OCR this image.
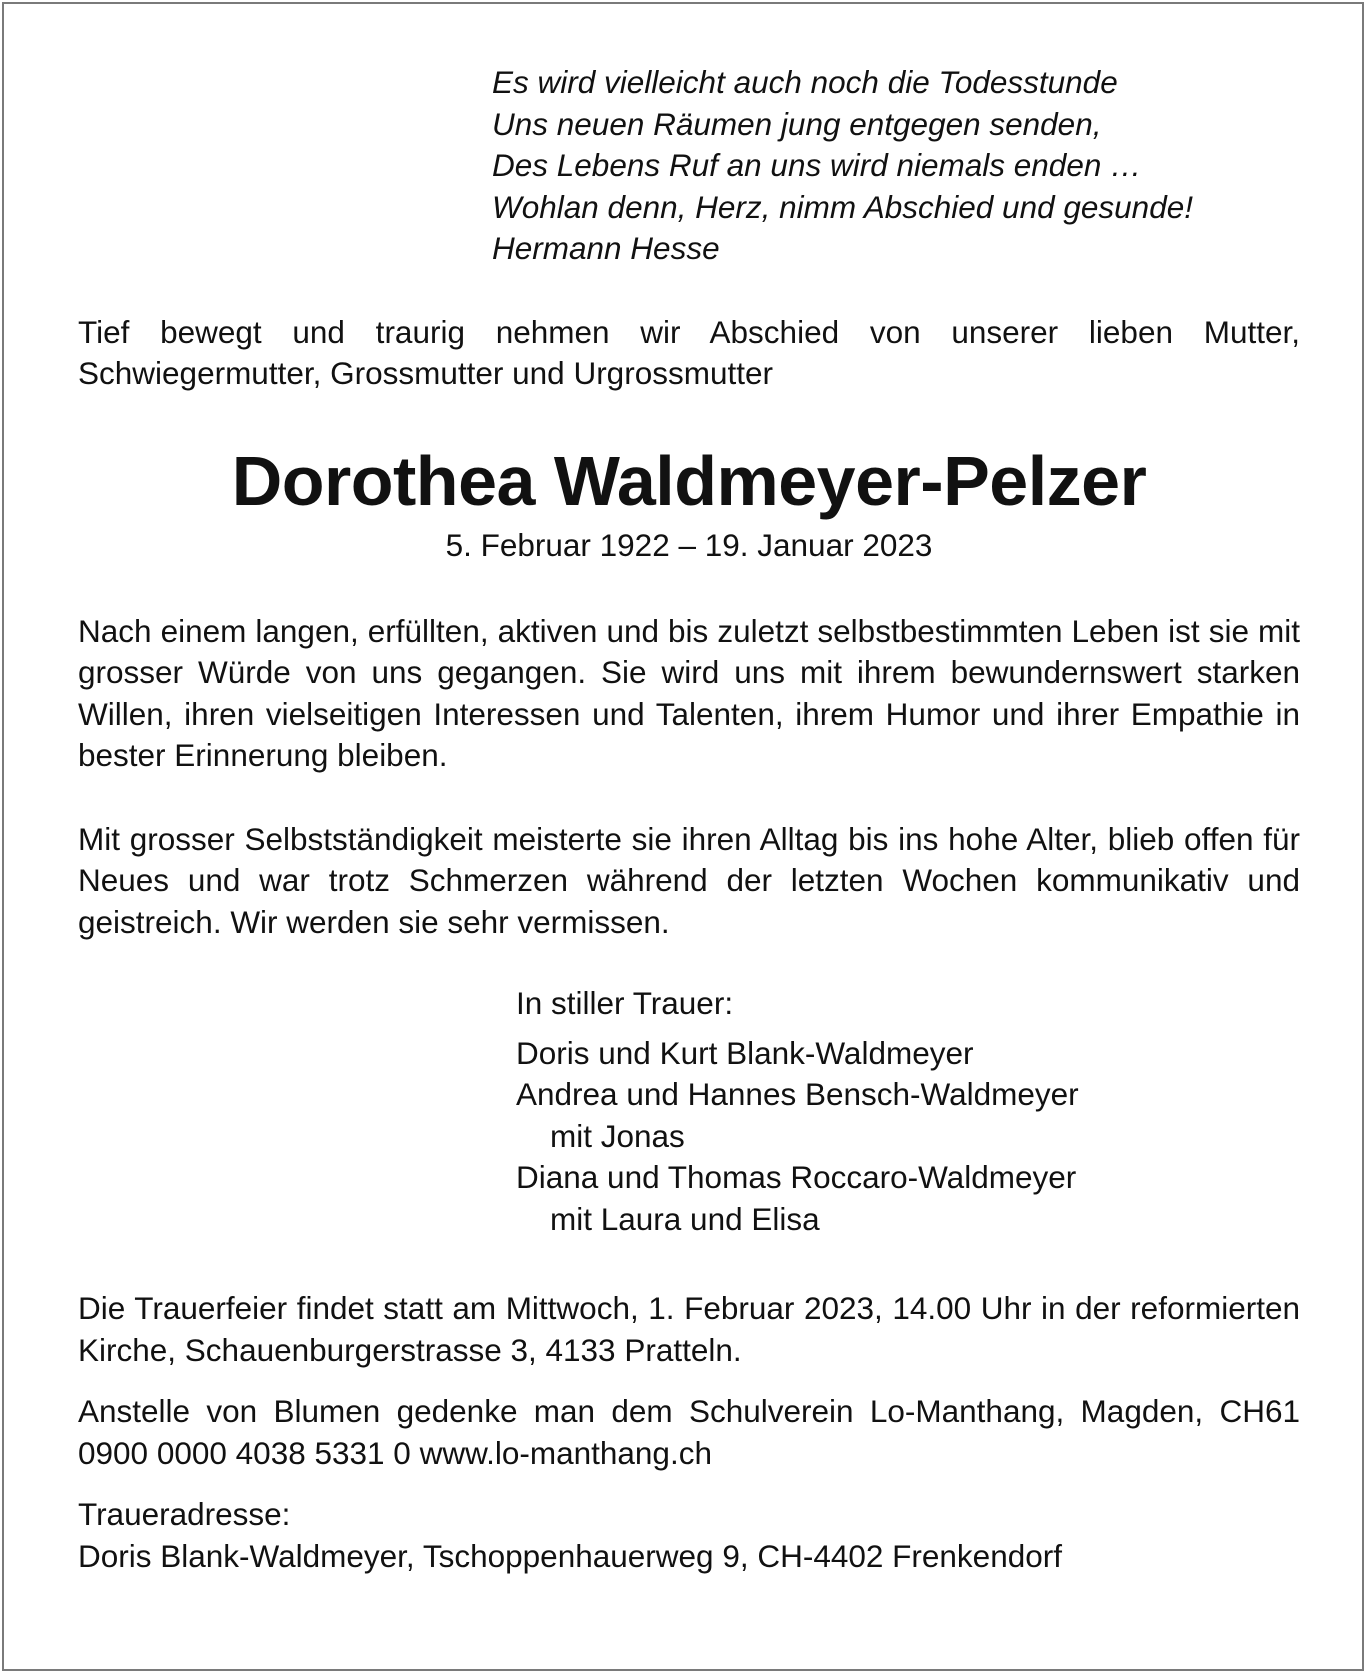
Es wird vielleicht auch noch die Todesstunde
Uns neuen Räumen jung entgegen senden,
Des Lebens Ruf an uns wird niemals enden …
Wohlan denn, Herz, nimm Abschied und gesunde!
Hermann Hesse
Tief bewegt und traurig nehmen wir Abschied von unserer lieben Mutter, Schwiegermutter, Grossmutter und Urgrossmutter
Dorothea Waldmeyer-Pelzer
5. Februar 1922 – 19. Januar 2023
Nach einem langen, erfüllten, aktiven und bis zuletzt selbstbestimmten Leben ist sie mit grosser Würde von uns gegangen. Sie wird uns mit ihrem bewundernswert starken Willen, ihren vielseitigen Interessen und Talenten, ihrem Humor und ihrer Empathie in bester Erinnerung bleiben.
Mit grosser Selbstständigkeit meisterte sie ihren Alltag bis ins hohe Alter, blieb offen für Neues und war trotz Schmerzen während der letzten Wochen kommunikativ und geistreich. Wir werden sie sehr vermissen.
In stiller Trauer:
Doris und Kurt Blank-Waldmeyer
Andrea und Hannes Bensch-Waldmeyer
mit Jonas
Diana und Thomas Roccaro-Waldmeyer
mit Laura und Elisa
Die Trauerfeier findet statt am Mittwoch, 1. Februar 2023, 14.00 Uhr in der reformierten Kirche, Schauenburgerstrasse 3, 4133 Pratteln.
Anstelle von Blumen gedenke man dem Schulverein Lo-Manthang, Magden, CH61 0900 0000 4038 5331 0 www.lo-manthang.ch
Traueradresse:
Doris Blank-Waldmeyer, Tschoppenhauerweg 9, CH-4402 Frenkendorf
